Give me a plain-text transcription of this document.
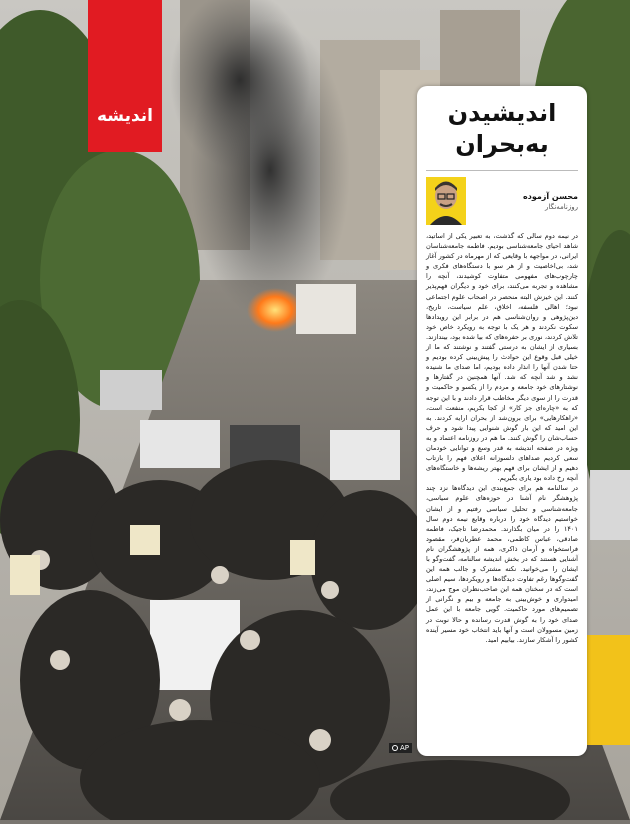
اندیشه	اندیشیدن
به‌بحران
محسن آزموده
روزنامه‌نگار

در نیمه دوم سالی که گذشت، به تعبیر یکی از اساتید، شاهد احیای جامعه‌شناسی بودیم. فاطمه جامعه‌شناسان ایرانی، در مواجهه با وقایعی که از مهرماه در کشور آغاز شد، بی‌اخاصیت و از هر سو با دستگاه‌های فکری و چارچوب‌های مفهومی متفاوت کوشیدند، آنچه را مشاهده و تجربه می‌کنند، برای خود و دیگران فهم‌پذیر کنند. این خیزش البته منحصر در اصحاب علوم اجتماعی نبود؛ اهالی فلسفه، اخلاق، علم سیاست، تاریخ، دین‌پژوهی و روان‌شناسی هم در برابر این رویدادها سکوت نکردند و هر یک با توجه به رویکرد خاص خود تلاش کردند، نوری بر حفره‌های که بیا شده بود، بیندازند. بسیاری از ایشان به درستی گفتند و نوشتند که ما از خیلی قبل وقوع این حوادث را پیش‌بینی کرده بودیم و حتا شدن آنها را انذار داده بودیم، اما صدای ما شنیده نشد و شد آنچه که شد. آنها همچنین در گفتارها و نوشتارهای خود جامعه و مردم را از یکسو و حاکمیت و قدرت را از سوی دیگر مخاطب قرار دادند و با این توجه که به «چاره‌ای جز کار» از کجا بکریم، منفعت است، «راهکارهایی» برای برون‌شد از بحران ارایه کردند. به این امید که این بار گوش شنوایی پیدا شود و حرف حساب‌شان را گوش کنند. ما هم در روزنامه اعتماد و به ویژه در صفحه اندیشه به قدر وسع و توانایی خودمان سعی کردیم صداهای دلسوزانه اعلای فهم را بازتاب دهیم و از ایشان برای فهم بهتر ریشه‌ها و خاستگاه‌های آنچه رخ داده بود یاری بگیریم.

در سالنامه هم برای جمع‌بندی این دیدگاه‌ها نزد چند پژوهشگر نام آشنا در حوزه‌های علوم سیاسی، جامعه‌شناسی و تحلیل سیاسی رفتیم و از ایشان خواستیم دیدگاه خود را درباره وقایع نیمه دوم سال ۱۴۰۱ را در میان بگذارند. محمدرضا تاجیک، فاطمه صادقی، عباس کاظمی، محمد عطریان‌فر، مقصود فراستخواه و آرمان ذاکری، همه از پژوهشگران نام آشنایی هستند که در بخش اندیشه سالنامه، گفت‌وگو با ایشان را می‌خوانید. نکته مشترک و جالب همه این گفت‌وگوها رغم تفاوت دیدگاه‌ها و رویکردها، سیم اصلی است که در سخنان همه این صاحب‌نظران موج می‌زند، امیدواری و خوش‌بینی به جامعه و بیم و نگرانی از تصمیم‌های مورد حاکمیت. گویی جامعه با این عمل صدای خود را به گوش قدرت رسانده و حالا نوبت در زمین مسوولان است و آنها باید انتخاب خود مسیر آینده کشور را آشکار سازند. بیابیم امید.

AP
